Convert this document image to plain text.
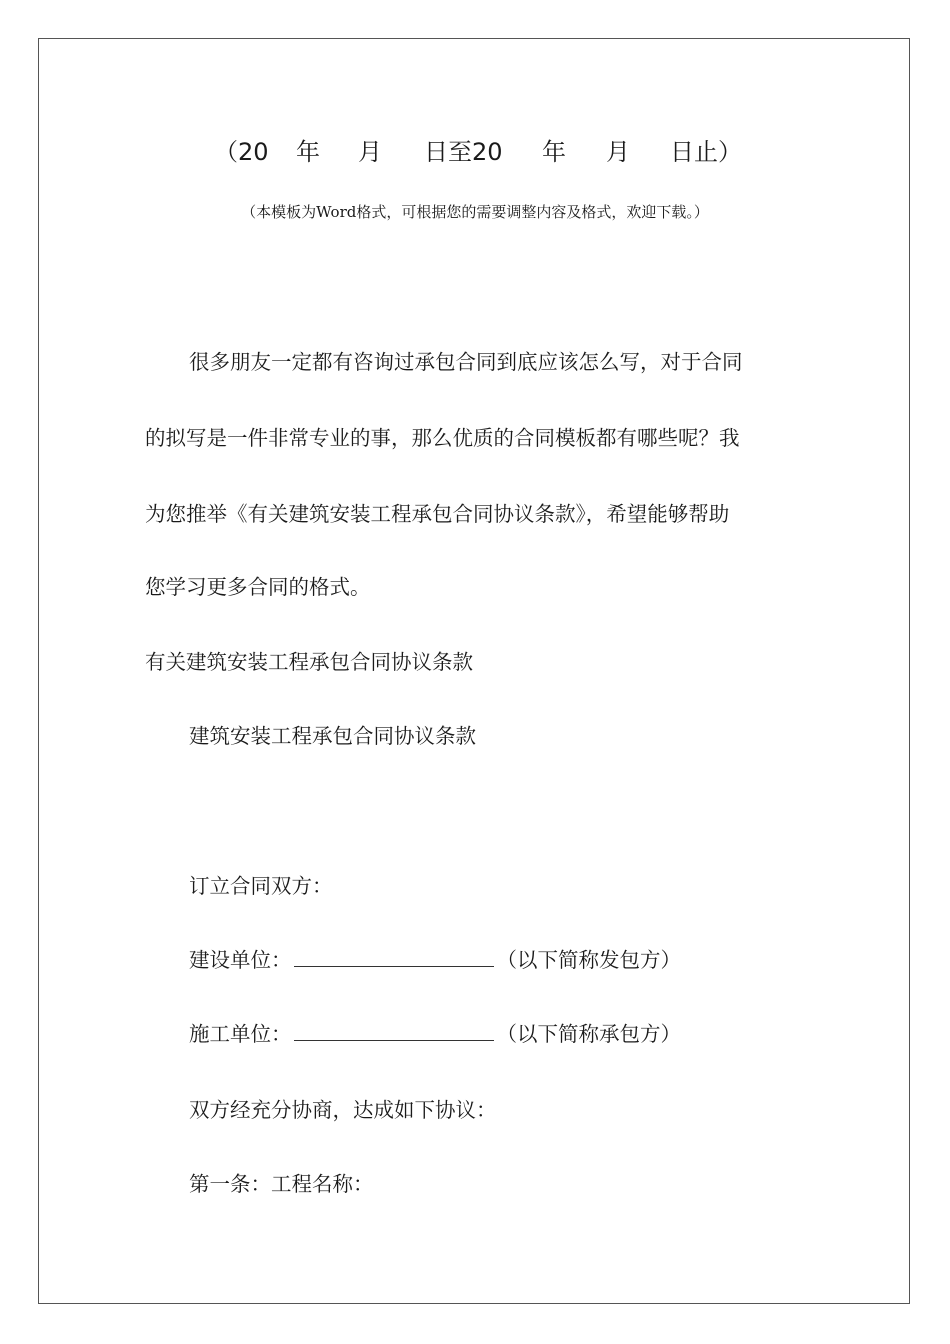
（20 年 月 日至20 年 月 日止）
（本模板为Word格式，可根据您的需要调整内容及格式，欢迎下载。）
很多朋友一定都有咨询过承包合同到底应该怎么写，对于合同
的拟写是一件非常专业的事，那么优质的合同模板都有哪些呢？我
为您推举《有关建筑安装工程承包合同协议条款》，希望能够帮助
您学习更多合同的格式。
有关建筑安装工程承包合同协议条款
建筑安装工程承包合同协议条款
订立合同双方：
建设单位：	（以下简称发包方）
施工单位：	（以下简称承包方）
双方经充分协商，达成如下协议：
第一条：工程名称：
